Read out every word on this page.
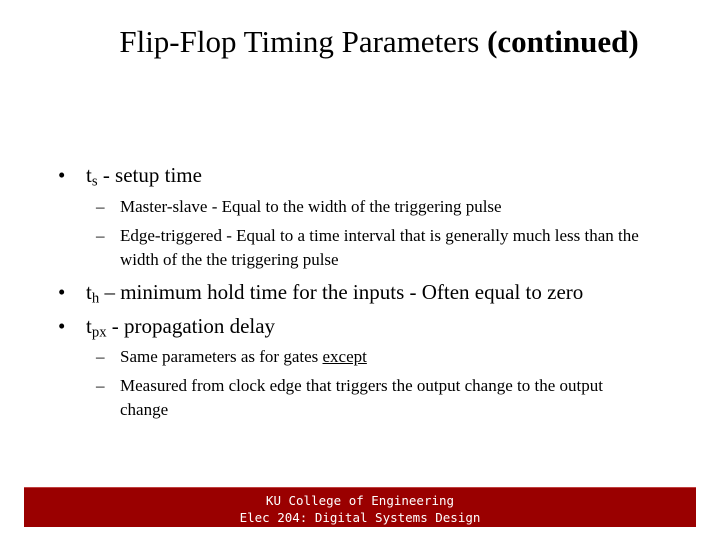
Flip-Flop Timing Parameters (continued)
• $t_s$ - setup time
– Master-slave - Equal to the width of the triggering pulse
– Edge-triggered - Equal to a time interval that is generally much less than the width of the the triggering pulse
• $t_h$ – minimum hold time for the inputs - Often equal to zero
• $t_{px}$ - propagation delay
– Same parameters as for gates except
– Measured from clock edge that triggers the output change to the output change
KU College of Engineering
Elec 204: Digital Systems Design
